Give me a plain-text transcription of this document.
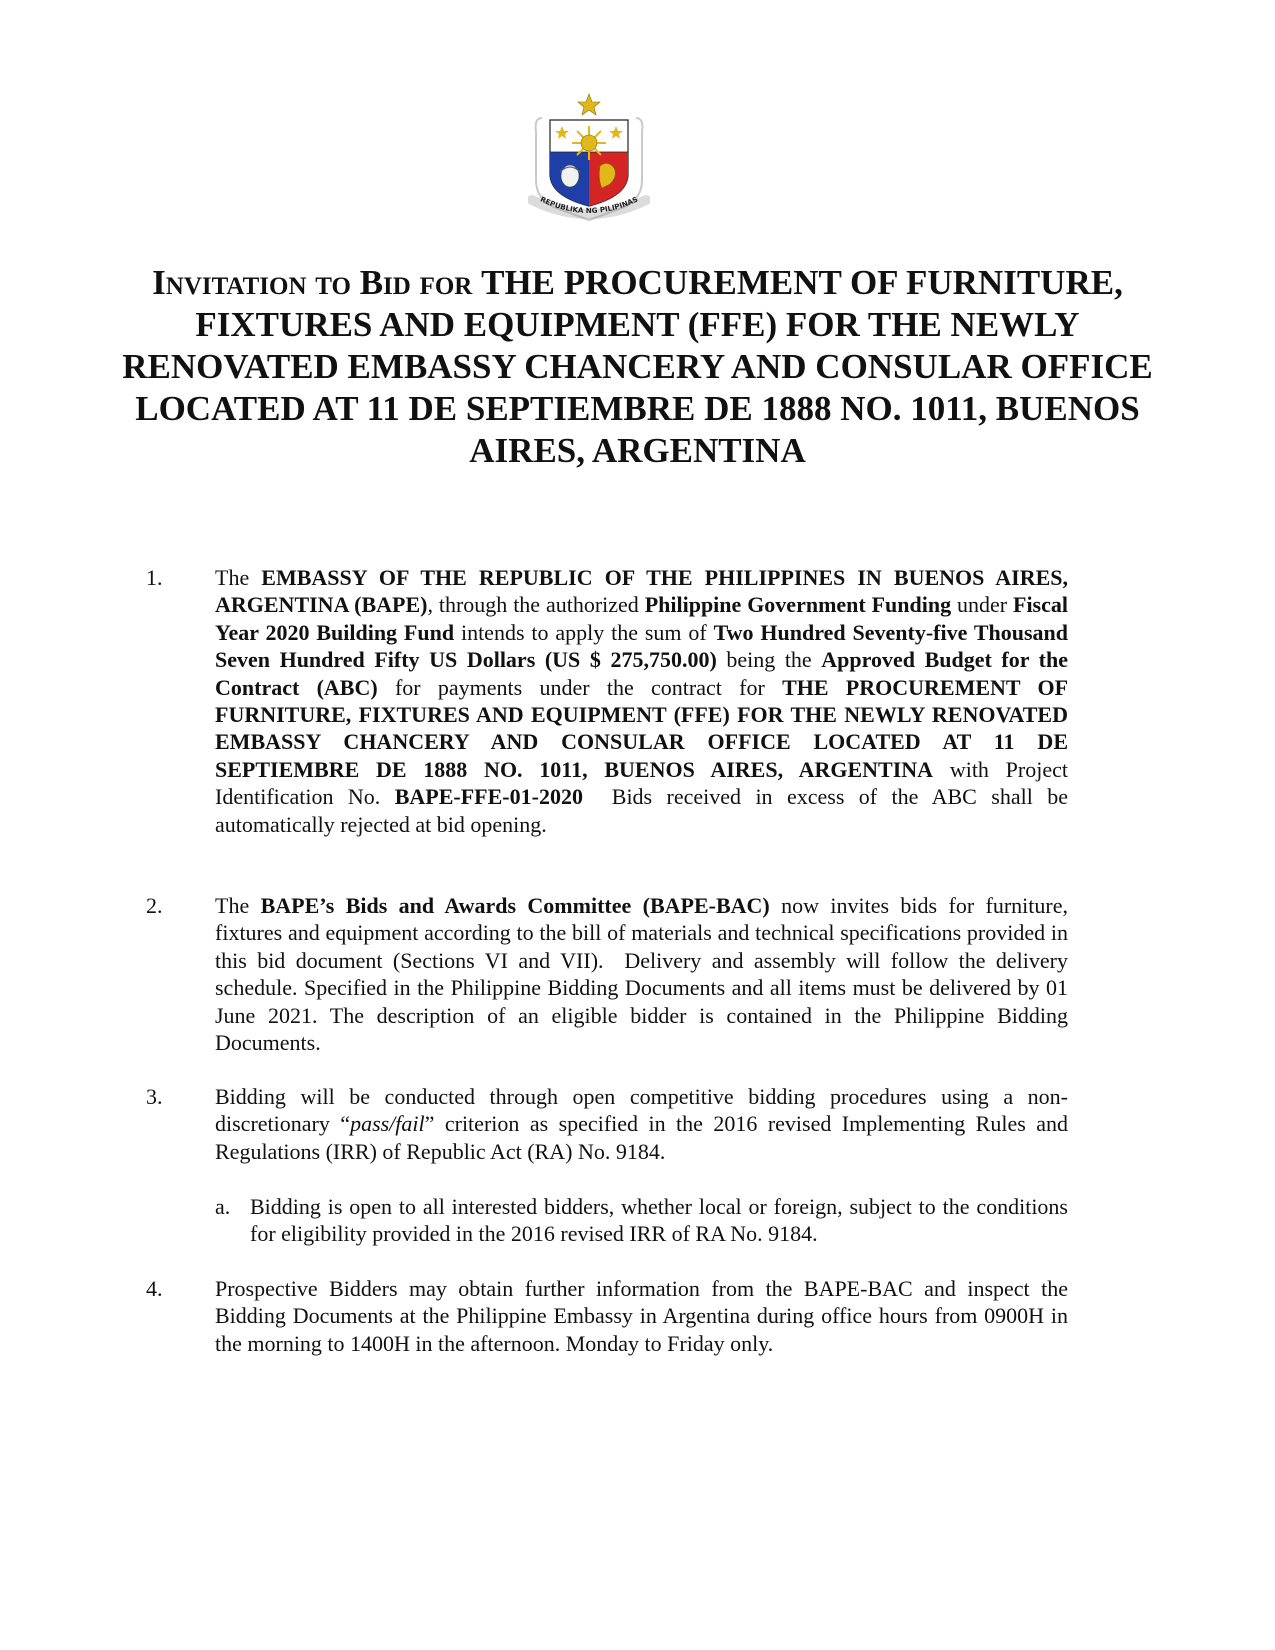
REPUBLIKA NG PILIPINAS
Invitation to Bid for THE PROCUREMENT OF FURNITURE, FIXTURES AND EQUIPMENT (FFE) FOR THE NEWLY RENOVATED EMBASSY CHANCERY AND CONSULAR OFFICE LOCATED AT 11 DE SEPTIEMBRE DE 1888 NO. 1011, BUENOS AIRES, ARGENTINA
1. The EMBASSY OF THE REPUBLIC OF THE PHILIPPINES IN BUENOS AIRES, ARGENTINA (BAPE), through the authorized Philippine Government Funding under Fiscal Year 2020 Building Fund intends to apply the sum of Two Hundred Seventy-five Thousand Seven Hundred Fifty US Dollars (US $ 275,750.00) being the Approved Budget for the Contract (ABC) for payments under the contract for THE PROCUREMENT OF FURNITURE, FIXTURES AND EQUIPMENT (FFE) FOR THE NEWLY RENOVATED EMBASSY CHANCERY AND CONSULAR OFFICE LOCATED AT 11 DE SEPTIEMBRE DE 1888 NO. 1011, BUENOS AIRES, ARGENTINA with Project Identification No. BAPE-FFE-01-2020  Bids received in excess of the ABC shall be automatically rejected at bid opening.

2. The BAPE’s Bids and Awards Committee (BAPE-BAC) now invites bids for furniture, fixtures and equipment according to the bill of materials and technical specifications provided in this bid document (Sections VI and VII).  Delivery and assembly will follow the delivery schedule. Specified in the Philippine Bidding Documents and all items must be delivered by 01 June 2021. The description of an eligible bidder is contained in the Philippine Bidding Documents.

3. Bidding will be conducted through open competitive bidding procedures using a non-discretionary “pass/fail” criterion as specified in the 2016 revised Implementing Rules and Regulations (IRR) of Republic Act (RA) No. 9184.

a. Bidding is open to all interested bidders, whether local or foreign, subject to the conditions for eligibility provided in the 2016 revised IRR of RA No. 9184.

4. Prospective Bidders may obtain further information from the BAPE-BAC and inspect the Bidding Documents at the Philippine Embassy in Argentina during office hours from 0900H in the morning to 1400H in the afternoon. Monday to Friday only.
